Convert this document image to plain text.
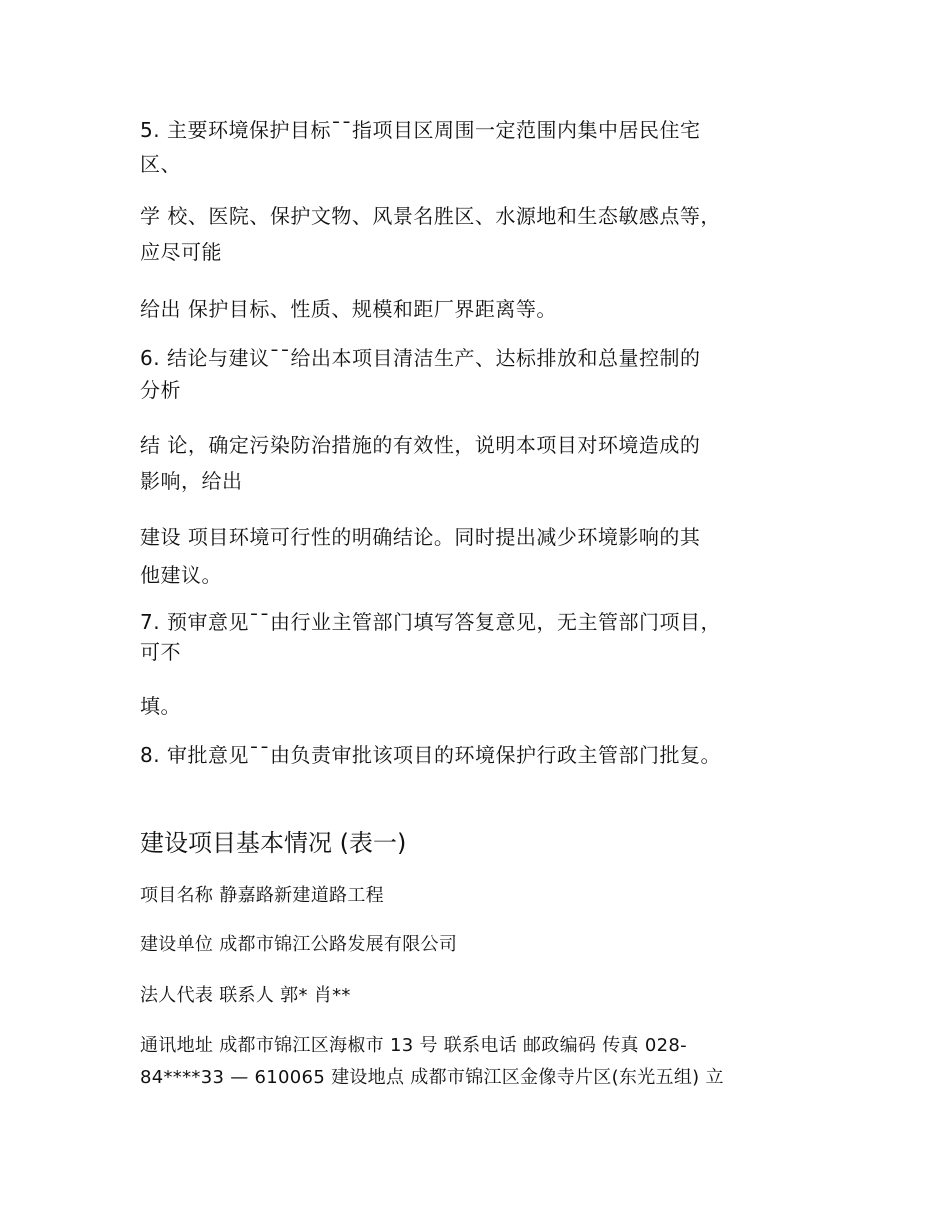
5. 主要环境保护目标¯¯指项目区周围一定范围内集中居民住宅
区、
学 校、医院、保护文物、风景名胜区、水源地和生态敏感点等，
应尽可能
给出 保护目标、性质、规模和距厂界距离等。
6. 结论与建议¯¯给出本项目清洁生产、达标排放和总量控制的
分析
结 论，确定污染防治措施的有效性，说明本项目对环境造成的
影响，给出
建设 项目环境可行性的明确结论。同时提出减少环境影响的其
他建议。
7. 预审意见¯¯由行业主管部门填写答复意见，无主管部门项目，
可不
填。
8. 审批意见¯¯由负责审批该项目的环境保护行政主管部门批复。
建设项目基本情况 (表一)
项目名称 静嘉路新建道路工程
建设单位 成都市锦江公路发展有限公司
法人代表 联系人 郭* 肖**
通讯地址 成都市锦江区海椒市 13 号 联系电话 邮政编码 传真 028-
84****33 — 610065 建设地点 成都市锦江区金像寺片区(东光五组) 立
